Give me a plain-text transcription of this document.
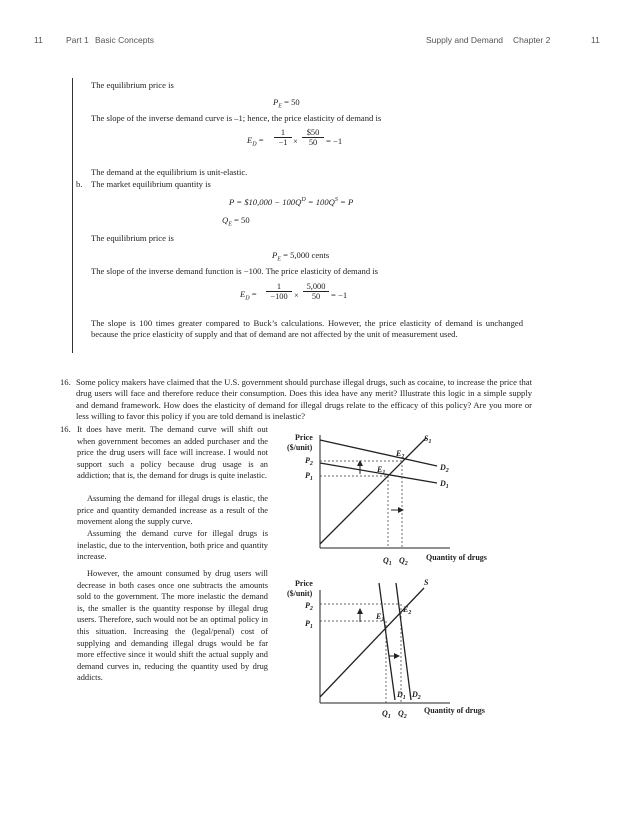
11	Part 1 Basic Concepts	Supply and Demand Chapter 2	11
The equilibrium price is
$P_E = 50$
The slope of the inverse demand curve is –1; hence, the price elasticity of demand is
$E_D = \frac{1}{-1} \times \frac{\$50}{50} = -1$
The demand at the equilibrium is unit-elastic.
b. The market equilibrium quantity is
P = $10,000 − $100Q^D = 100Q^S = P$
$Q_E = 50$
The equilibrium price is
$P_E = 5,000$ cents
The slope of the inverse demand function is −100. The price elasticity of demand is
$E_D = \frac{1}{-100} \times \frac{5,000}{50} = -1$
The slope is 100 times greater compared to Buck’s calculations. However, the price elasticity of demand is unchanged because the price elasticity of supply and that of demand are not affected by the unit of measurement used.
16. Some policy makers have claimed that the U.S. government should purchase illegal drugs, such as cocaine, to increase the price that drug users will face and therefore reduce their consumption. Does this idea have any merit? Illustrate this logic in a simple supply and demand framework. How does the elasticity of demand for illegal drugs relate to the efficacy of this policy? Are you more or less willing to favor this policy if you are told demand is inelastic?
16. It does have merit. The demand curve will shift out when government becomes an added purchaser and the price the drug users will face will increase. I would not support such a policy because drug usage is an addiction; that is, the demand for drugs is quite inelastic.
Assuming the demand for illegal drugs is elastic, the price and quantity demanded increase as a result of the movement along the supply curve.
Assuming the demand curve for illegal drugs is inelastic, due to the intervention, both price and quantity increase.
However, the amount consumed by drug users will decrease in both cases once one subtracts the amounts sold to the government. The more inelastic the demand is, the smaller is the quantity response by illegal drug users. Therefore, such would not be an optimal policy in this situation. Increasing the (legal/penal) cost of supplying and demanding illegal drugs would be far more effective since it would shift the actual supply and demand curves in, reducing the quantity used by drug addicts.
Price
($/unit)
$P_2$
$P_1$
$S_1$
$D_2$
$D_1$
$E_2$
$E_1$
$Q_1$ $Q_2$
Quantity of drugs
Price
($/unit)
$P_2$
$P_1$
S
$E_2$
$E_1$
$D_1$ $D_2$
$Q_1$ $Q_2$
Quantity of drugs
